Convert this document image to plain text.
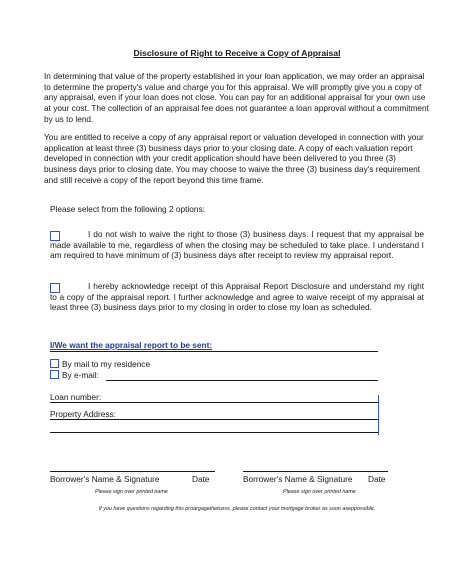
Disclosure of Right to Receive a Copy of Appraisal
In determining that value of the property established in your loan application, we may order an appraisal to determine the property's value and charge you for this appraisal. We will promptly give you a copy of any appraisal, even if your loan does not close. You can pay for an additional appraisal for your own use at your cost. The collection of an appraisal fee does not guarantee a loan approval without a commitment by us to lend.
You are entitled to receive a copy of any appraisal report or valuation developed in connection with your application at least three (3) business days prior to your closing date. A copy of each valuation report developed in connection with your credit application should have been delivered to you three (3) business days prior to closing date. You may choose to waive the three (3) business day's requirement and still receive a copy of the report beyond this time frame.
Please select from the following 2 options:
I do not wish to waive the right to those (3) business days. I request that my appraisal be made available to me, regardless of when the closing may be scheduled to take place. I understand I am required to have minimum of (3) business days after receipt to review my appraisal report.
I hereby acknowledge receipt of this Appraisal Report Disclosure and understand my right to a copy of the appraisal report. I further acknowledge and agree to waive receipt of my appraisal at least three (3) business days prior to my closing in order to close my loan as scheduled.
I/We want the appraisal report to be sent:
By mail to my residence
By e-mail:
Loan number:
Property Address:
Borrower's Name & Signature	Date	Borrower's Name & Signature Date
Please sign over printed name	Please sign over printed name
If you have questions regarding this proargageihetcess, please contact your mortgage broker as soon aseppossible.
